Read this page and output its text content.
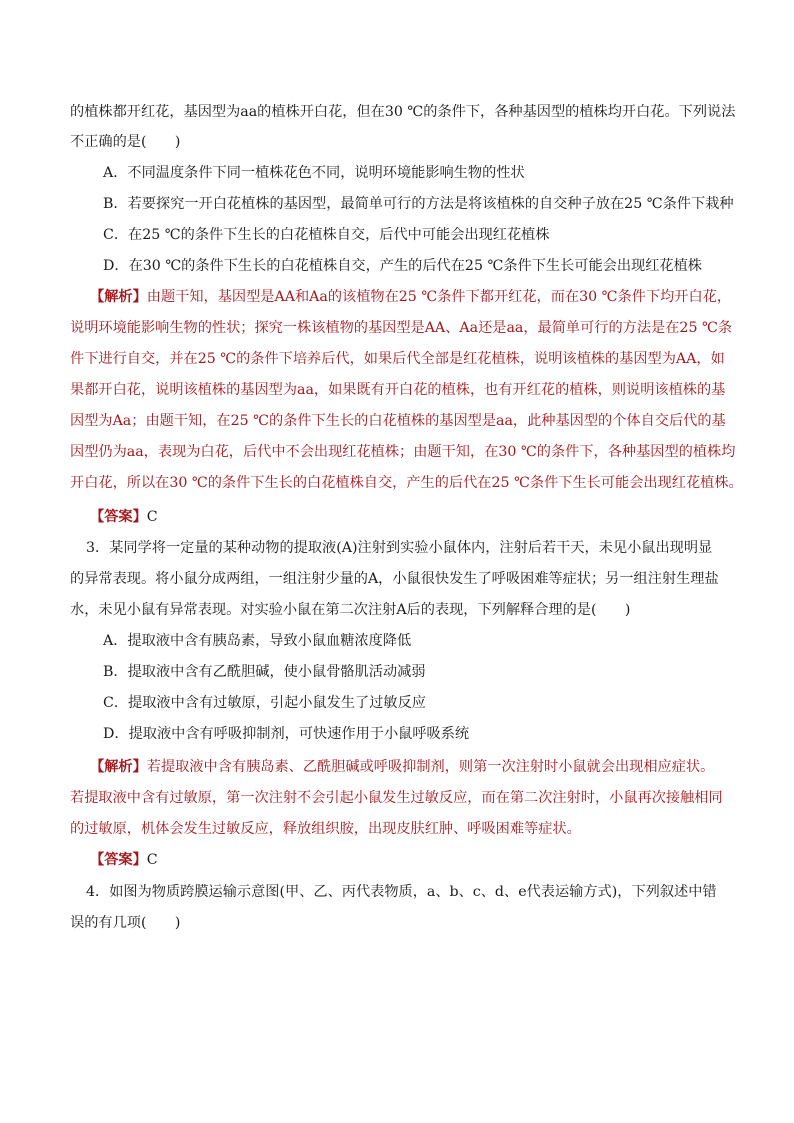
的植株都开红花，基因型为aa的植株开白花，但在30 ℃的条件下，各种基因型的植株均开白花。下列说法
不正确的是(　　)
A．不同温度条件下同一植株花色不同，说明环境能影响生物的性状
B．若要探究一开白花植株的基因型，最简单可行的方法是将该植株的自交种子放在25 ℃条件下栽种
C．在25 ℃的条件下生长的白花植株自交，后代中可能会出现红花植株
D．在30 ℃的条件下生长的白花植株自交，产生的后代在25 ℃条件下生长可能会出现红花植株
【解析】由题干知，基因型是AA和Aa的该植物在25 ℃条件下都开红花，而在30 ℃条件下均开白花，
说明环境能影响生物的性状；探究一株该植物的基因型是AA、Aa还是aa，最简单可行的方法是在25 ℃条
件下进行自交，并在25 ℃的条件下培养后代，如果后代全部是红花植株，说明该植株的基因型为AA，如
果都开白花，说明该植株的基因型为aa，如果既有开白花的植株，也有开红花的植株，则说明该植株的基
因型为Aa；由题干知，在25 ℃的条件下生长的白花植株的基因型是aa，此种基因型的个体自交后代的基
因型仍为aa，表现为白花，后代中不会出现红花植株；由题干知，在30 ℃的条件下，各种基因型的植株均
开白花，所以在30 ℃的条件下生长的白花植株自交，产生的后代在25 ℃条件下生长可能会出现红花植株。
【答案】C
3．某同学将一定量的某种动物的提取液(A)注射到实验小鼠体内，注射后若干天，未见小鼠出现明显
的异常表现。将小鼠分成两组，一组注射少量的A，小鼠很快发生了呼吸困难等症状；另一组注射生理盐
水，未见小鼠有异常表现。对实验小鼠在第二次注射A后的表现，下列解释合理的是(　　)
A．提取液中含有胰岛素，导致小鼠血糖浓度降低
B．提取液中含有乙酰胆碱，使小鼠骨骼肌活动减弱
C．提取液中含有过敏原，引起小鼠发生了过敏反应
D．提取液中含有呼吸抑制剂，可快速作用于小鼠呼吸系统
【解析】若提取液中含有胰岛素、乙酰胆碱或呼吸抑制剂，则第一次注射时小鼠就会出现相应症状。
若提取液中含有过敏原，第一次注射不会引起小鼠发生过敏反应，而在第二次注射时，小鼠再次接触相同
的过敏原，机体会发生过敏反应，释放组织胺，出现皮肤红肿、呼吸困难等症状。
【答案】C
4．如图为物质跨膜运输示意图(甲、乙、丙代表物质，a、b、c、d、e代表运输方式)，下列叙述中错
误的有几项(　　)
